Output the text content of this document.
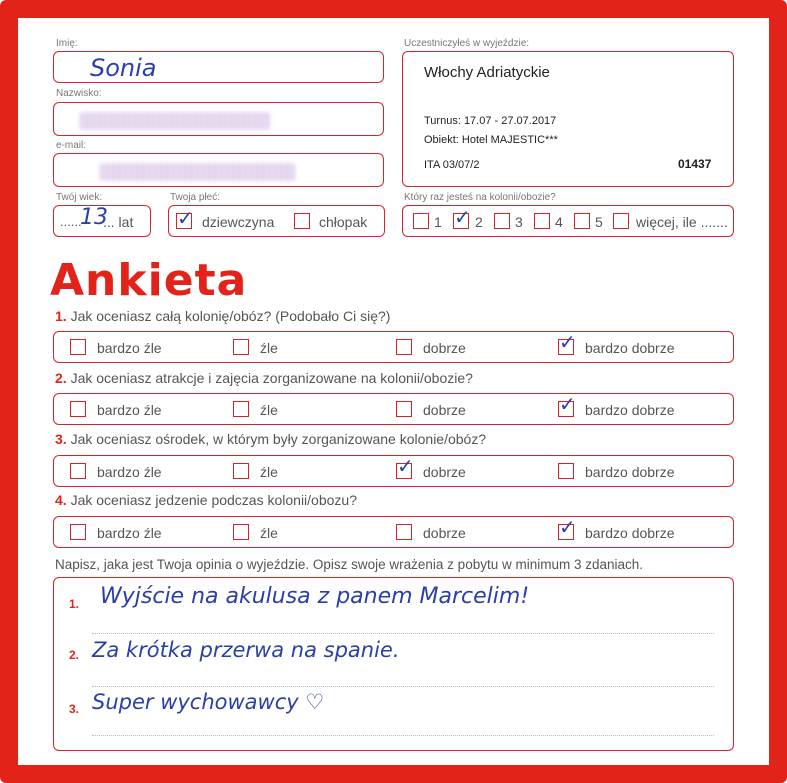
Imię:
Sonia
Nazwisko:
e-mail:
Twój wiek:
......
13
... lat
Twoja płeć:
✓ dziewczyna	chłopak
Uczestniczyłeś w wyjeździe:
Włochy Adriatyckie
Turnus: 17.07 - 27.07.2017
Obiekt: Hotel MAJESTIC***
ITA 03/07/2	01437
Który raz jesteś na kolonii/obozie?
1 ✓ 2 3 4 5 więcej, ile .......
Ankieta
1. Jak oceniasz całą kolonię/obóz? (Podobało Ci się?)
bardzo źle	źle	dobrze	✓ bardzo dobrze
2. Jak oceniasz atrakcje i zajęcia zorganizowane na kolonii/obozie?
bardzo źle	źle	dobrze	✓ bardzo dobrze
3. Jak oceniasz ośrodek, w którym były zorganizowane kolonie/obóz?
bardzo źle	źle	✓ dobrze	bardzo dobrze
4. Jak oceniasz jedzenie podczas kolonii/obozu?
bardzo źle	źle	dobrze	✓ bardzo dobrze
Napisz, jaka jest Twoja opinia o wyjeździe. Opisz swoje wrażenia z pobytu w minimum 3 zdaniach.
1. Wyjście na akulusa z panem Marcelim!
2. Za krótka przerwa na spanie.
3. Super wychowawcy ♡
